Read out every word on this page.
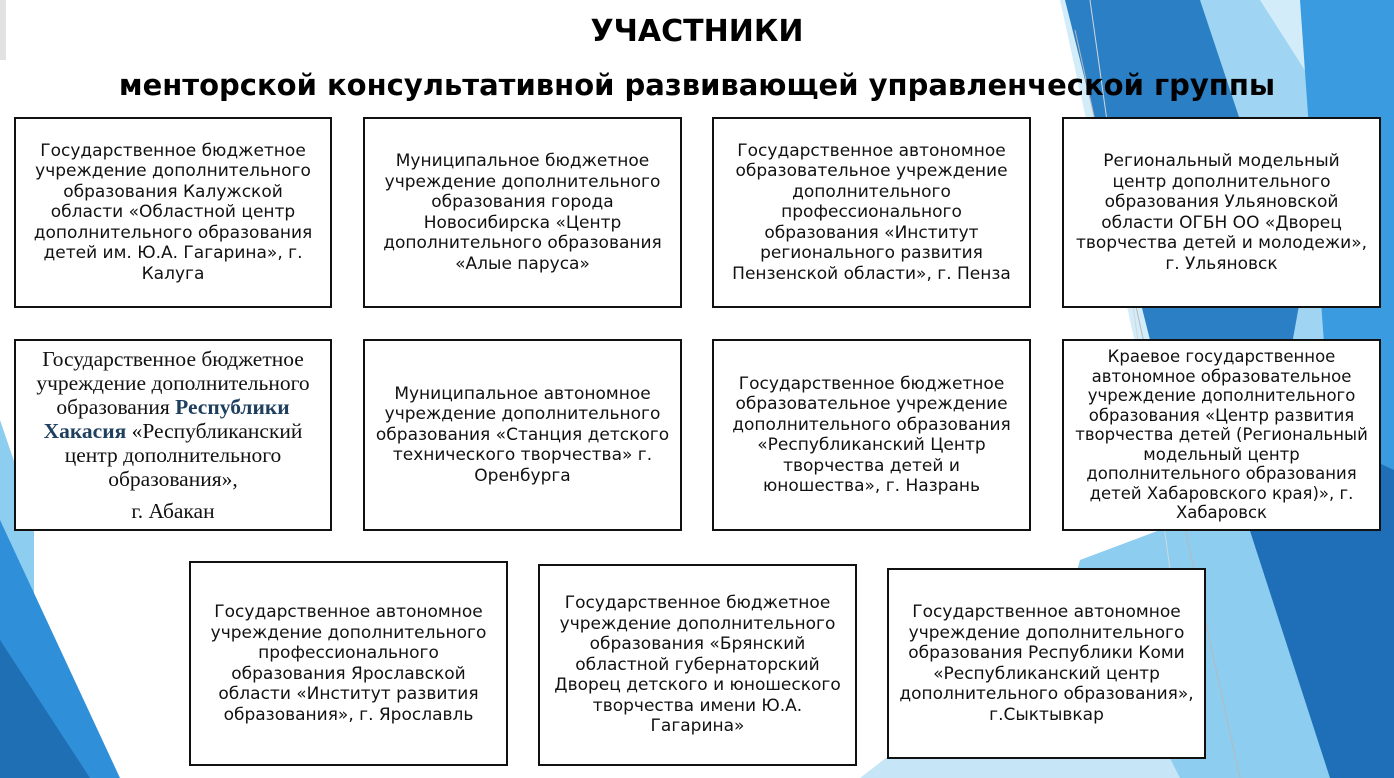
УЧАСТНИКИ
менторской консультативной развивающей управленческой группы
Государственное бюджетное учреждение дополнительного образования Калужской области «Областной центр дополнительного образования детей им. Ю.А. Гагарина», г. Калуга
Муниципальное бюджетное учреждение дополнительного образования города Новосибирска «Центр дополнительного образования «Алые паруса»
Государственное автономное образовательное учреждение дополнительного профессионального образования «Институт регионального развития Пензенской области», г. Пенза
Региональный модельный центр дополнительного образования Ульяновской области ОГБН ОО «Дворец творчества детей и молодежи», г. Ульяновск
Государственное бюджетное учреждение дополнительного образования Республики Хакасия «Республиканский центр дополнительного образования»,
г. Абакан
Муниципальное автономное учреждение дополнительного образования «Станция детского технического творчества» г. Оренбурга
Государственное бюджетное образовательное учреждение дополнительного образования «Республиканский Центр творчества детей и юношества», г. Назрань
Краевое государственное автономное образовательное учреждение дополнительного образования «Центр развития творчества детей (Региональный модельный центр дополнительного образования детей Хабаровского края)», г. Хабаровск
Государственное автономное учреждение дополнительного профессионального образования Ярославской области «Институт развития образования», г. Ярославль
Государственное бюджетное учреждение дополнительного образования «Брянский областной губернаторский Дворец детского и юношеского творчества имени Ю.А. Гагарина»
Государственное автономное учреждение дополнительного образования Республики Коми «Республиканский центр дополнительного образования», г.Сыктывкар
